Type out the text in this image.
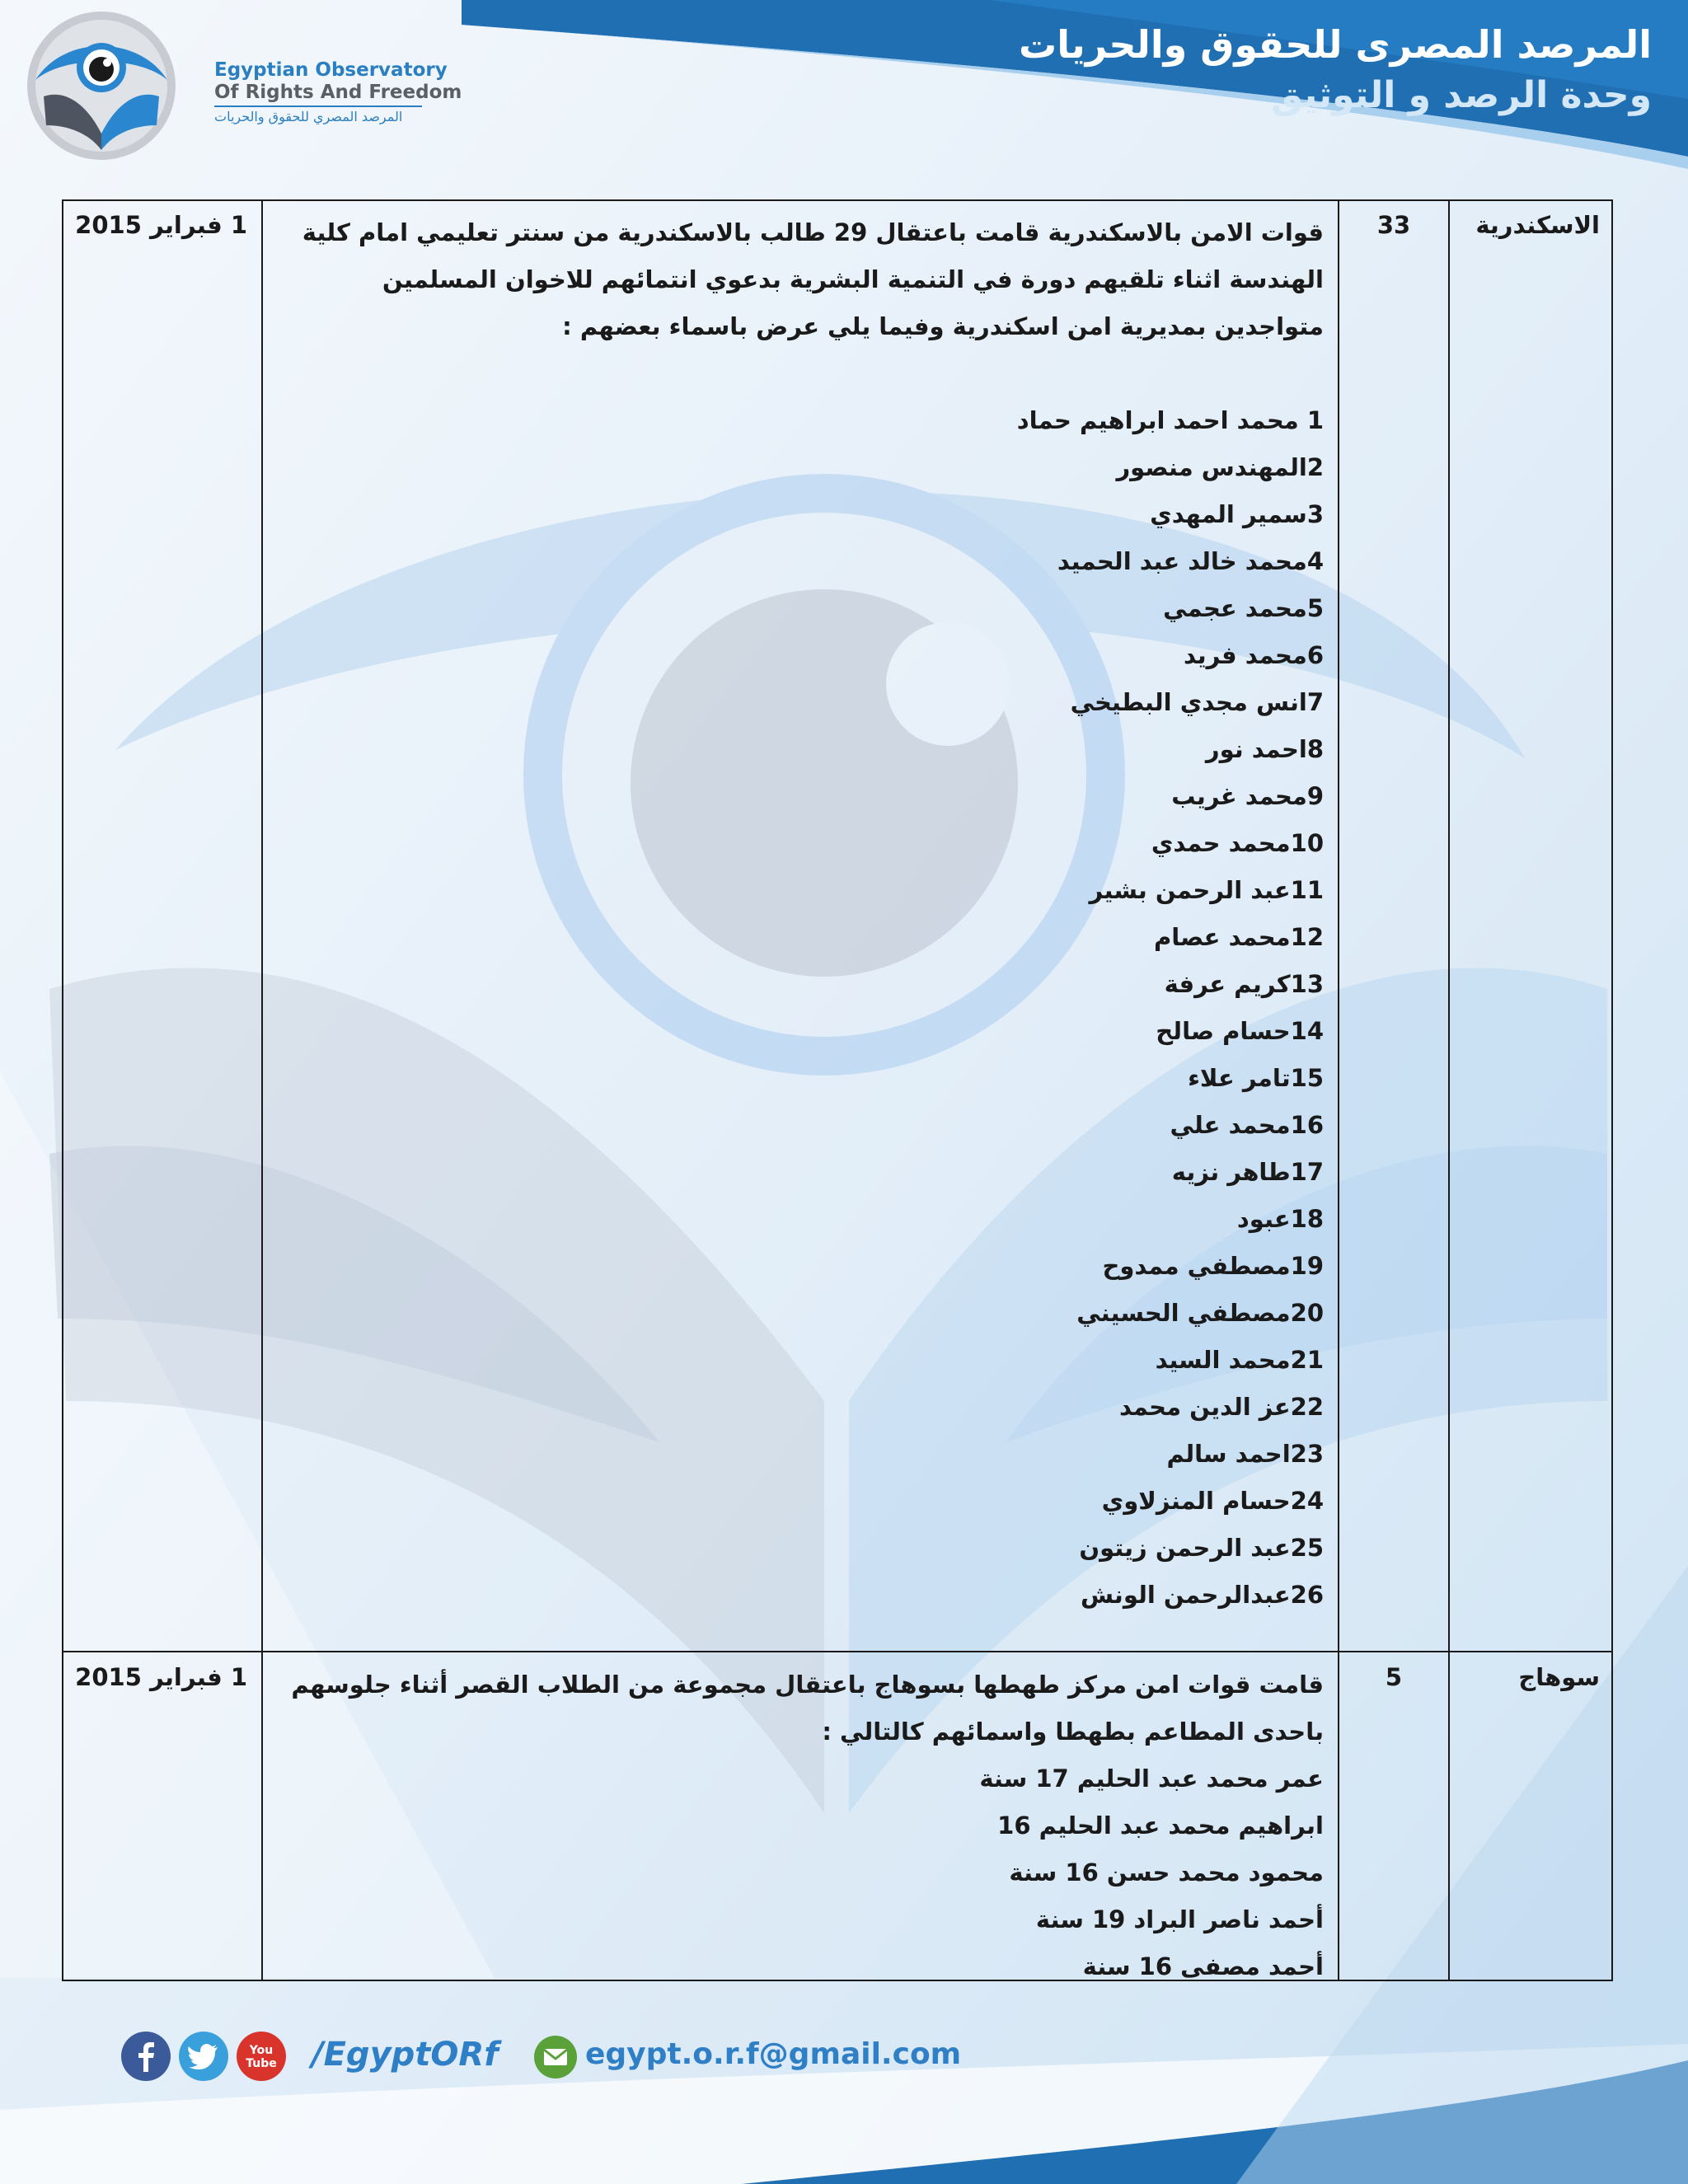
Egyptian Observatory
Of Rights And Freedom
المرصد المصري للحقوق والحريات
المرصد المصرى للحقوق والحريات
وحدة الرصد و التوثيق
الاسكندرية
33

قوات الامن بالاسكندرية قامت باعتقال 29 طالب بالاسكندرية من سنتر تعليمي امام كلية الهندسة اثناء تلقيهم دورة في التنمية البشرية بدعوي انتمائهم للاخوان المسلمين متواجدين بمديرية امن اسكندرية وفيما يلي عرض باسماء بعضهم :

1 محمد احمد ابراهيم حماد

2المهندس منصور

3سمير المهدي

4محمد خالد عبد الحميد

5محمد عجمي

6محمد فريد

7انس مجدي البطيخي

8احمد نور

9محمد غريب

10محمد حمدي

11عبد الرحمن بشير

12محمد عصام

13كريم عرفة

14حسام صالح

15تامر علاء

16محمد علي

17طاهر نزيه

18عبود

19مصطفي ممدوح

20مصطفي الحسيني

21محمد السيد

22عز الدين محمد

23احمد سالم

24حسام المنزلاوي

25عبد الرحمن زيتون

26عبدالرحمن الونش

1 فبراير 2015
سوهاج
5

قامت قوات امن مركز طهطها بسوهاج باعتقال مجموعة من الطلاب القصر أثناء جلوسهم باحدى المطاعم بطهطا واسمائهم كالتالي :

عمر محمد عبد الحليم 17 سنة

ابراهيم محمد عبد الحليم 16

محمود محمد حسن 16 سنة

أحمد ناصر البراد 19 سنة

أحمد مصفى 16 سنة

1 فبراير 2015
You
Tube /EgyptORf	egypt.o.r.f@gmail.com
